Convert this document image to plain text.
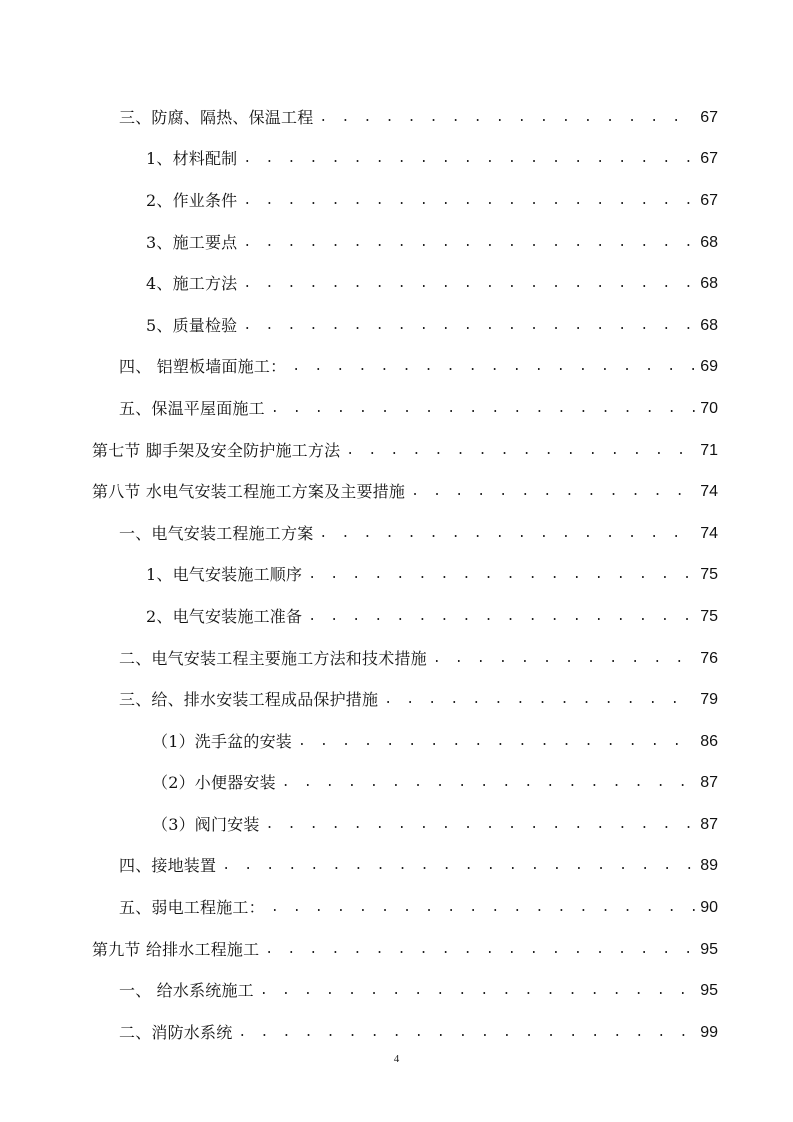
三、防腐、隔热、保温工程 . . .	67
1、材料配制 . . .	67
2、作业条件 . . .	67
3、施工要点 . . .	68
4、施工方法 . . .	68
5、质量检验 . . .	68
四、 铝塑板墙面施工： . . .	69
五、保温平屋面施工 . . .	70
第七节 脚手架及安全防护施工方法 . . .	71
第八节 水电气安装工程施工方案及主要措施 . . .	74
一、电气安装工程施工方案 . . .	74
1、电气安装施工顺序 . . .	75
2、电气安装施工准备 . . .	75
二、电气安装工程主要施工方法和技术措施 . . .	76
三、给、排水安装工程成品保护措施 . . .	79
（1）洗手盆的安装 . . .	86
（2）小便器安装 . . .	87
（3）阀门安装 . . .	87
四、接地装置 . . .	89
五、弱电工程施工： . . .	90
第九节 给排水工程施工 . . .	95
一、 给水系统施工 . . .	95
二、消防水系统 . . .	99
4
